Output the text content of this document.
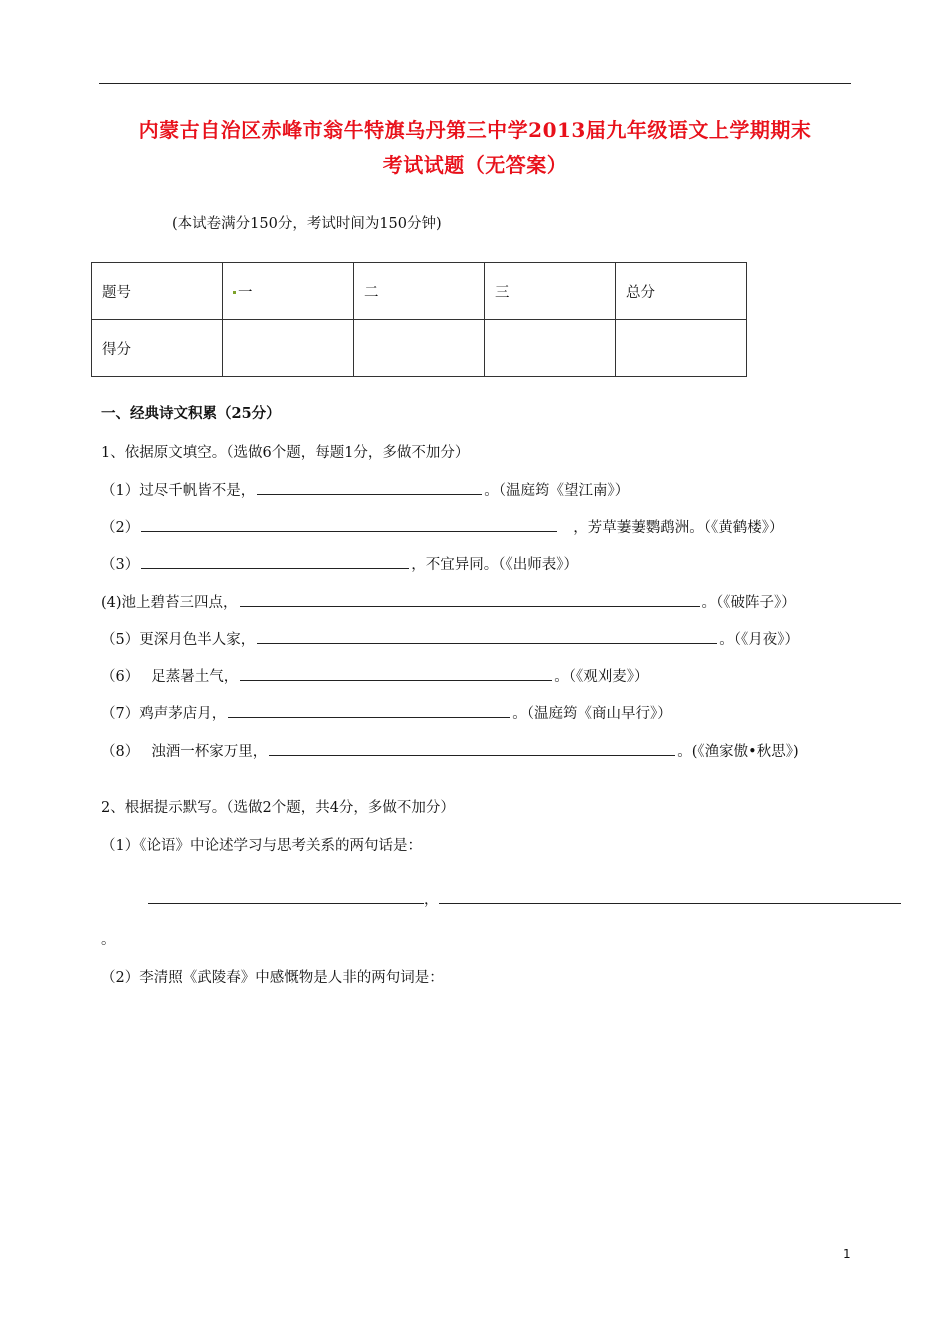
内蒙古自治区赤峰市翁牛特旗乌丹第三中学2013届九年级语文上学期期末
考试试题（无答案）
(本试卷满分150分，考试时间为150分钟)
题号	一	二	三	总分
得分				
一、经典诗文积累（25分）
1、依据原文填空。（选做6个题，每题1分，多做不加分）
（1）过尽千帆皆不是，	。（温庭筠《望江南》）
（2）	，芳草萋萋鹦鹉洲。（《黄鹤楼》）
（3）	，不宜异同。（《出师表》）
(4)池上碧苔三四点，	。（《破阵子》）
（5）更深月色半人家，	。（《月夜》）
（6） 足蒸暑土气，	。（《观刈麦》）
（7）鸡声茅店月，	。（温庭筠《商山早行》）
（8） 浊酒一杯家万里，	。(《渔家傲•秋思》)
2、根据提示默写。（选做2个题，共4分，多做不加分）
（1）《论语》中论述学习与思考关系的两句话是：
，
。
（2）李清照《武陵春》中感慨物是人非的两句词是：
1
